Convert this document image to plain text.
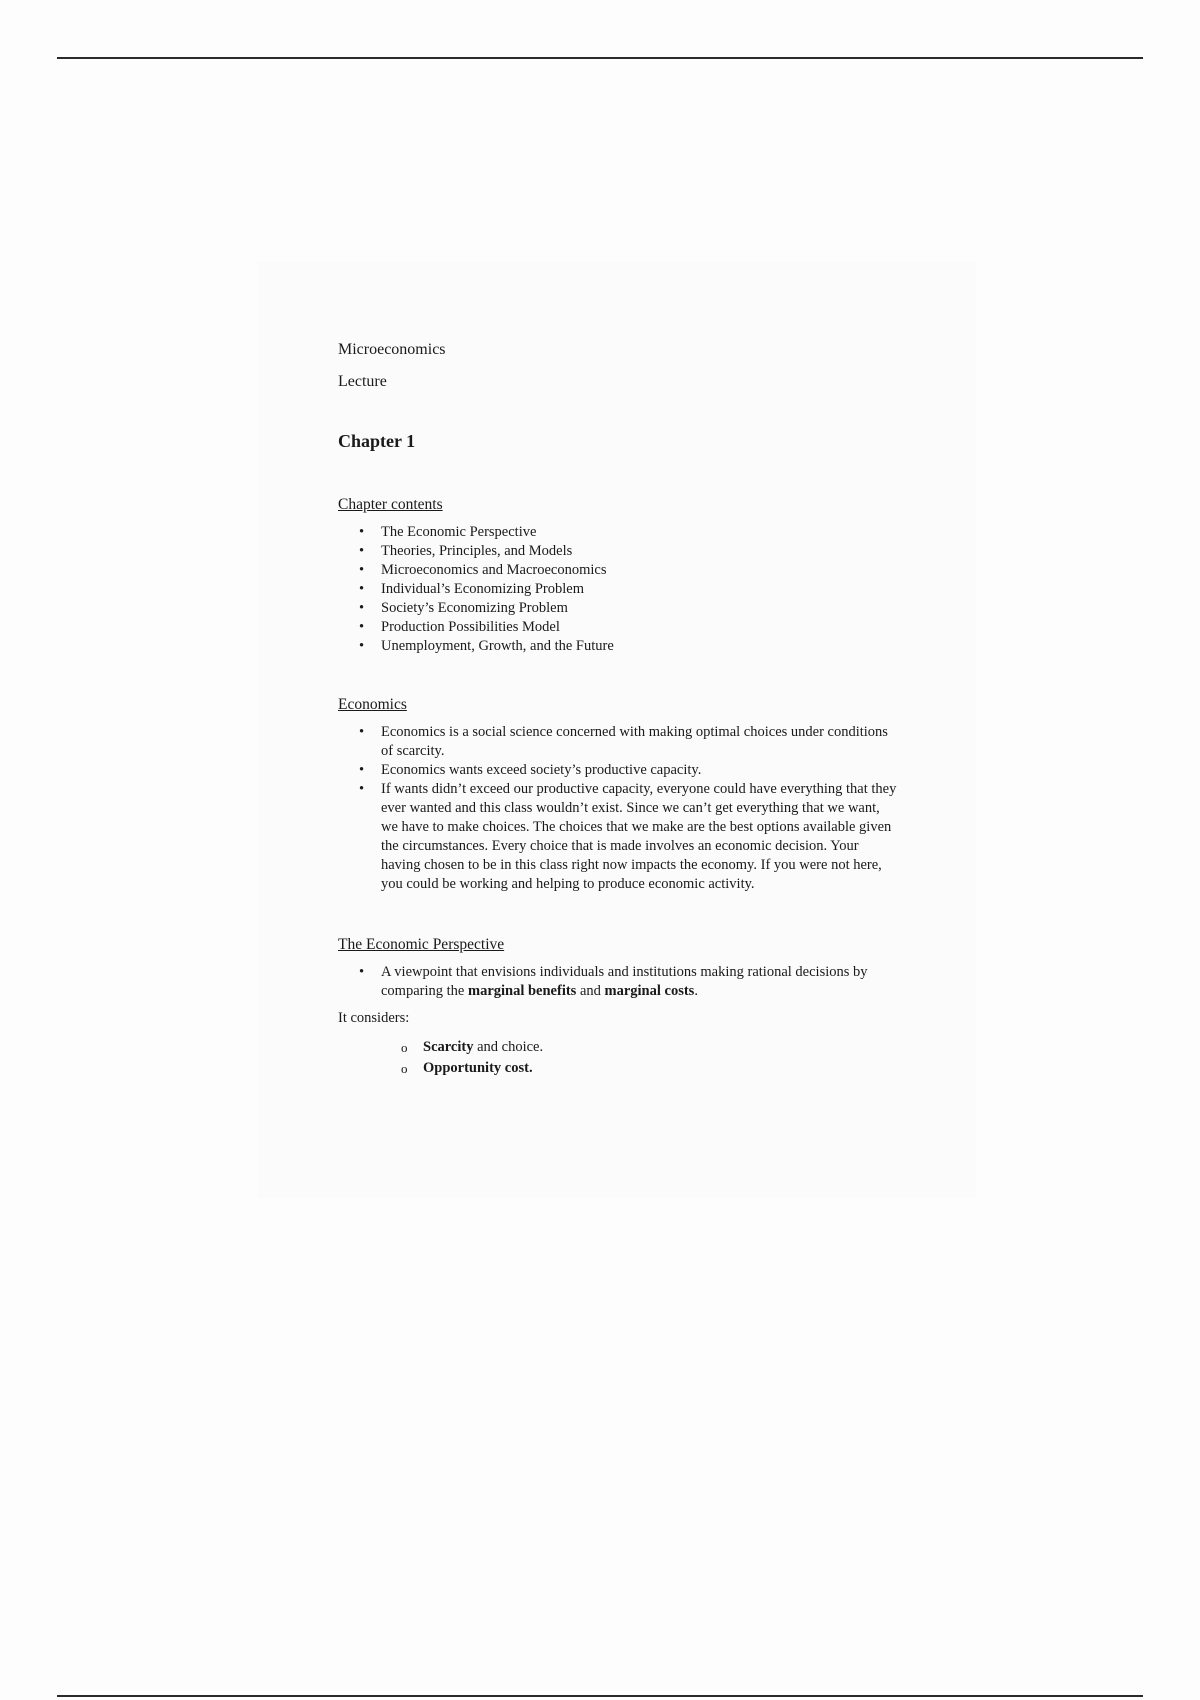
Microeconomics

Lecture

Chapter 1

Chapter contents

• The Economic Perspective
• Theories, Principles, and Models
• Microeconomics and Macroeconomics
• Individual’s Economizing Problem
• Society’s Economizing Problem
• Production Possibilities Model
• Unemployment, Growth, and the Future

Economics

• Economics is a social science concerned with making optimal choices under conditions of scarcity.
• Economics wants exceed society’s productive capacity.
• If wants didn’t exceed our productive capacity, everyone could have everything that they ever wanted and this class wouldn’t exist. Since we can’t get everything that we want, we have to make choices. The choices that we make are the best options available given the circumstances. Every choice that is made involves an economic decision. Your having chosen to be in this class right now impacts the economy. If you were not here, you could be working and helping to produce economic activity.

The Economic Perspective

• A viewpoint that envisions individuals and institutions making rational decisions by comparing the marginal benefits and marginal costs.

It considers:

o Scarcity and choice.
o Opportunity cost.
